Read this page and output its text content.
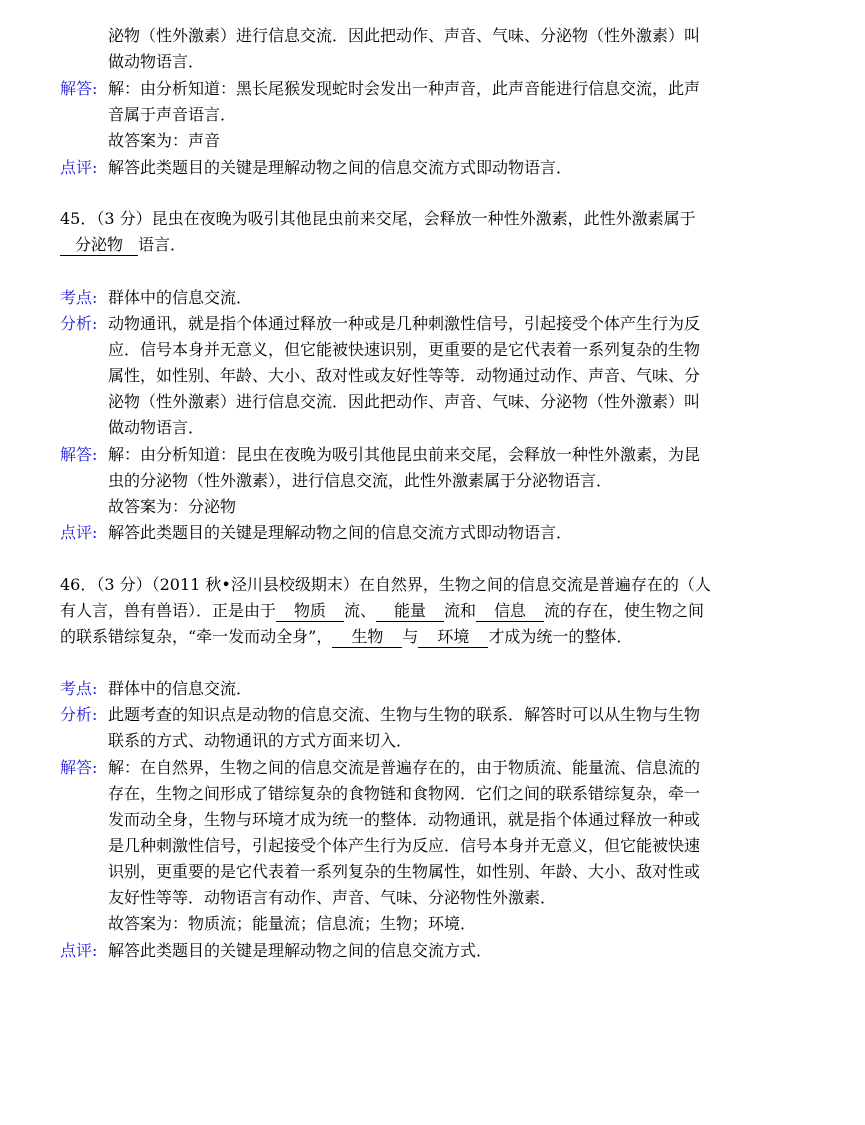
泌物（性外激素）进行信息交流．因此把动作、声音、气味、分泌物（性外激素）叫
做动物语言．
解答: 解：由分析知道：黑长尾猴发现蛇时会发出一种声音，此声音能进行信息交流，此声
音属于声音语言．
故答案为：声音
点评: 解答此类题目的关键是理解动物之间的信息交流方式即动物语言．
45．（3 分）昆虫在夜晚为吸引其他昆虫前来交尾，会释放一种性外激素，此性外激素属于
分泌物 语言．
考点: 群体中的信息交流．
分析: 动物通讯，就是指个体通过释放一种或是几种刺激性信号，引起接受个体产生行为反
应．信号本身并无意义，但它能被快速识别，更重要的是它代表着一系列复杂的生物
属性，如性别、年龄、大小、敌对性或友好性等等．动物通过动作、声音、气味、分
泌物（性外激素）进行信息交流．因此把动作、声音、气味、分泌物（性外激素）叫
做动物语言．
解答: 解：由分析知道：昆虫在夜晚为吸引其他昆虫前来交尾，会释放一种性外激素，为昆
虫的分泌物（性外激素），进行信息交流，此性外激素属于分泌物语言．
故答案为：分泌物
点评: 解答此类题目的关键是理解动物之间的信息交流方式即动物语言．
46．（3 分）（2011 秋•泾川县校级期末）在自然界，生物之间的信息交流是普遍存在的（人
有人言，兽有兽语）．正是由于 物质 流、 能量 流和 信息 流的存在，使生物之间
的联系错综复杂，“牵一发而动全身”， 生物 与 环境 才成为统一的整体．
考点: 群体中的信息交流．
分析: 此题考查的知识点是动物的信息交流、生物与生物的联系．解答时可以从生物与生物
联系的方式、动物通讯的方式方面来切入．
解答: 解：在自然界，生物之间的信息交流是普遍存在的，由于物质流、能量流、信息流的
存在，生物之间形成了错综复杂的食物链和食物网．它们之间的联系错综复杂，牵一
发而动全身，生物与环境才成为统一的整体．动物通讯，就是指个体通过释放一种或
是几种刺激性信号，引起接受个体产生行为反应．信号本身并无意义，但它能被快速
识别，更重要的是它代表着一系列复杂的生物属性，如性别、年龄、大小、敌对性或
友好性等等．动物语言有动作、声音、气味、分泌物性外激素．
故答案为：物质流；能量流；信息流；生物；环境．
点评: 解答此类题目的关键是理解动物之间的信息交流方式．
